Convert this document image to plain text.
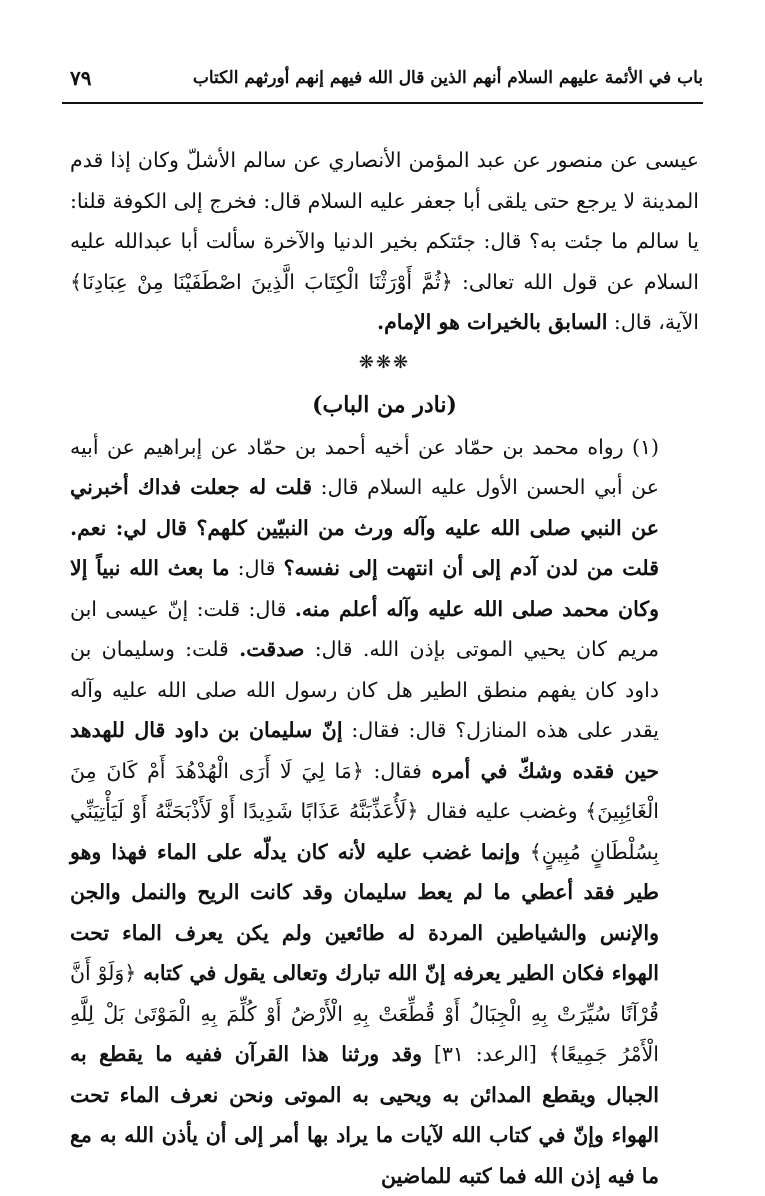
باب في الأئمة عليهم السلام أنهم الذين قال الله فيهم إنهم أورثهم الكتاب
٧٩

عيسى عن منصور عن عبد المؤمن الأنصاري عن سالم الأشلّ وكان إذا قدم المدينة لا يرجع حتى يلقى أبا جعفر عليه السلام قال: فخرج إلى الكوفة قلنا: يا سالم ما جئت به؟ قال: جئتكم بخير الدنيا والآخرة سألت أبا عبدالله عليه السلام عن قول الله تعالى: ﴿ثُمَّ أَوْرَثْنَا الْكِتَابَ الَّذِينَ اصْطَفَيْنَا مِنْ عِبَادِنَا﴾ الآية، قال: السابق بالخيرات هو الإمام.

❋❋❋

(نادر من الباب)

(١) رواه محمد بن حمّاد عن أخيه أحمد بن حمّاد عن إبراهيم عن أبيه عن أبي الحسن الأول عليه السلام قال: قلت له جعلت فداك أخبرني عن النبي صلى الله عليه وآله ورث من النبيّين كلهم؟ قال لي: نعم. قلت من لدن آدم إلى أن انتهت إلى نفسه؟ قال: ما بعث الله نبياً إلا وكان محمد صلى الله عليه وآله أعلم منه. قال: قلت: إنّ عيسى ابن مريم كان يحيي الموتى بإذن الله. قال: صدقت. قلت: وسليمان بن داود كان يفهم منطق الطير هل كان رسول الله صلى الله عليه وآله يقدر على هذه المنازل؟ قال: فقال: إنّ سليمان بن داود قال للهدهد حين فقده وشكّ في أمره فقال: ﴿مَا لِيَ لَا أَرَى الْهُدْهُدَ أَمْ كَانَ مِنَ الْغَائِبِينَ﴾ وغضب عليه فقال ﴿لَأُعَذِّبَنَّهُ عَذَابًا شَدِيدًا أَوْ لَأَذْبَحَنَّهُ أَوْ لَيَأْتِيَنِّي بِسُلْطَانٍ مُبِينٍ﴾ وإنما غضب عليه لأنه كان يدلّه على الماء فهذا وهو طير فقد أعطي ما لم يعط سليمان وقد كانت الريح والنمل والجن والإنس والشياطين المردة له طائعين ولم يكن يعرف الماء تحت الهواء فكان الطير يعرفه إنّ الله تبارك وتعالى يقول في كتابه ﴿وَلَوْ أَنَّ قُرْآنًا سُيِّرَتْ بِهِ الْجِبَالُ أَوْ قُطِّعَتْ بِهِ الْأَرْضُ أَوْ كُلِّمَ بِهِ الْمَوْتَىٰ بَلْ لِلَّهِ الْأَمْرُ جَمِيعًا﴾ [الرعد: ٣١] وقد ورثنا هذا القرآن ففيه ما يقطع به الجبال ويقطع المدائن به ويحيى به الموتى ونحن نعرف الماء تحت الهواء وإنّ في كتاب الله لآيات ما يراد بها أمر إلى أن يأذن الله به مع ما فيه إذن الله فما كتبه للماضين
